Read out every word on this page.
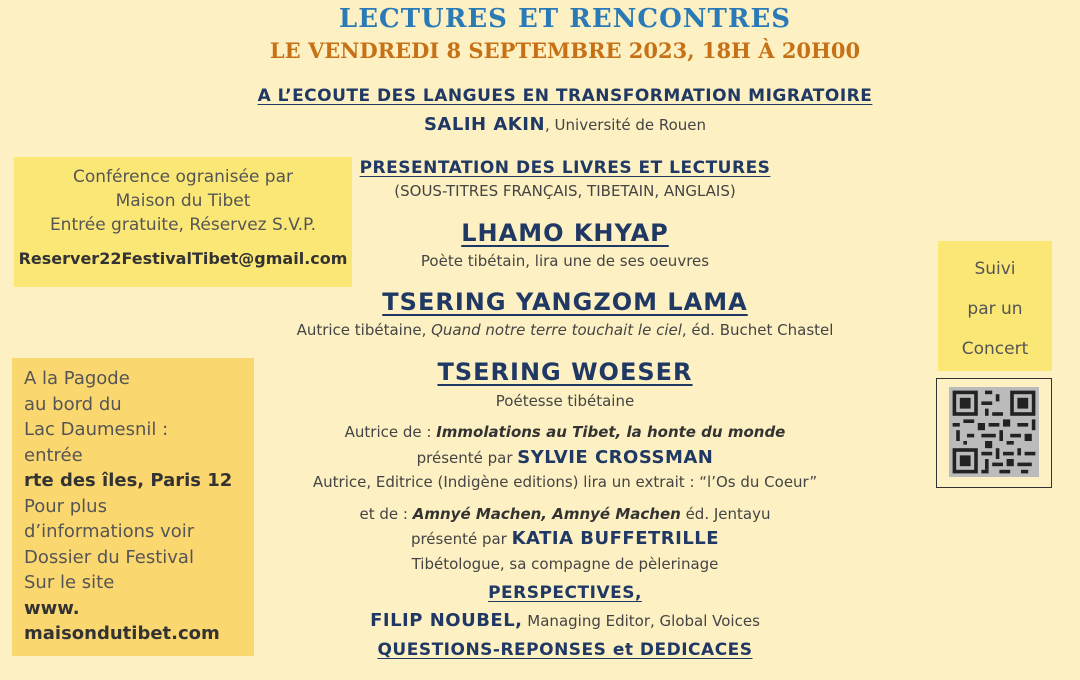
LECTURES ET RENCONTRES
LE VENDREDI 8 SEPTEMBRE 2023, 18H À 20H00
A L’ECOUTE DES LANGUES EN TRANSFORMATION MIGRATOIRE
SALIH AKIN, Université de Rouen
PRESENTATION DES LIVRES ET LECTURES
(SOUS-TITRES FRANÇAIS, TIBETAIN, ANGLAIS)
LHAMO KHYAP
Poète tibétain, lira une de ses oeuvres
TSERING YANGZOM LAMA
Autrice tibétaine, Quand notre terre touchait le ciel, éd. Buchet Chastel
TSERING WOESER
Poétesse tibétaine
Autrice de : Immolations au Tibet, la honte du monde
présenté par SYLVIE CROSSMAN
Autrice, Editrice (Indigène editions) lira un extrait : “l’Os du Coeur”
et de : Amnyé Machen, Amnyé Machen éd. Jentayu
présenté par KATIA BUFFETRILLE
Tibétologue, sa compagne de pèlerinage
PERSPECTIVES,
FILIP NOUBEL, Managing Editor, Global Voices
QUESTIONS-REPONSES et DEDICACES
Conférence ogranisée par
Maison du Tibet
Entrée gratuite, Réservez S.V.P.
Reserver22FestivalTibet@gmail.com
A la Pagode
au bord du
Lac Daumesnil :
entrée
rte des îles, Paris 12
Pour plus
d’informations voir
Dossier du Festival
Sur le site
www.
maisondutibet.com
Suivi
par un
Concert
